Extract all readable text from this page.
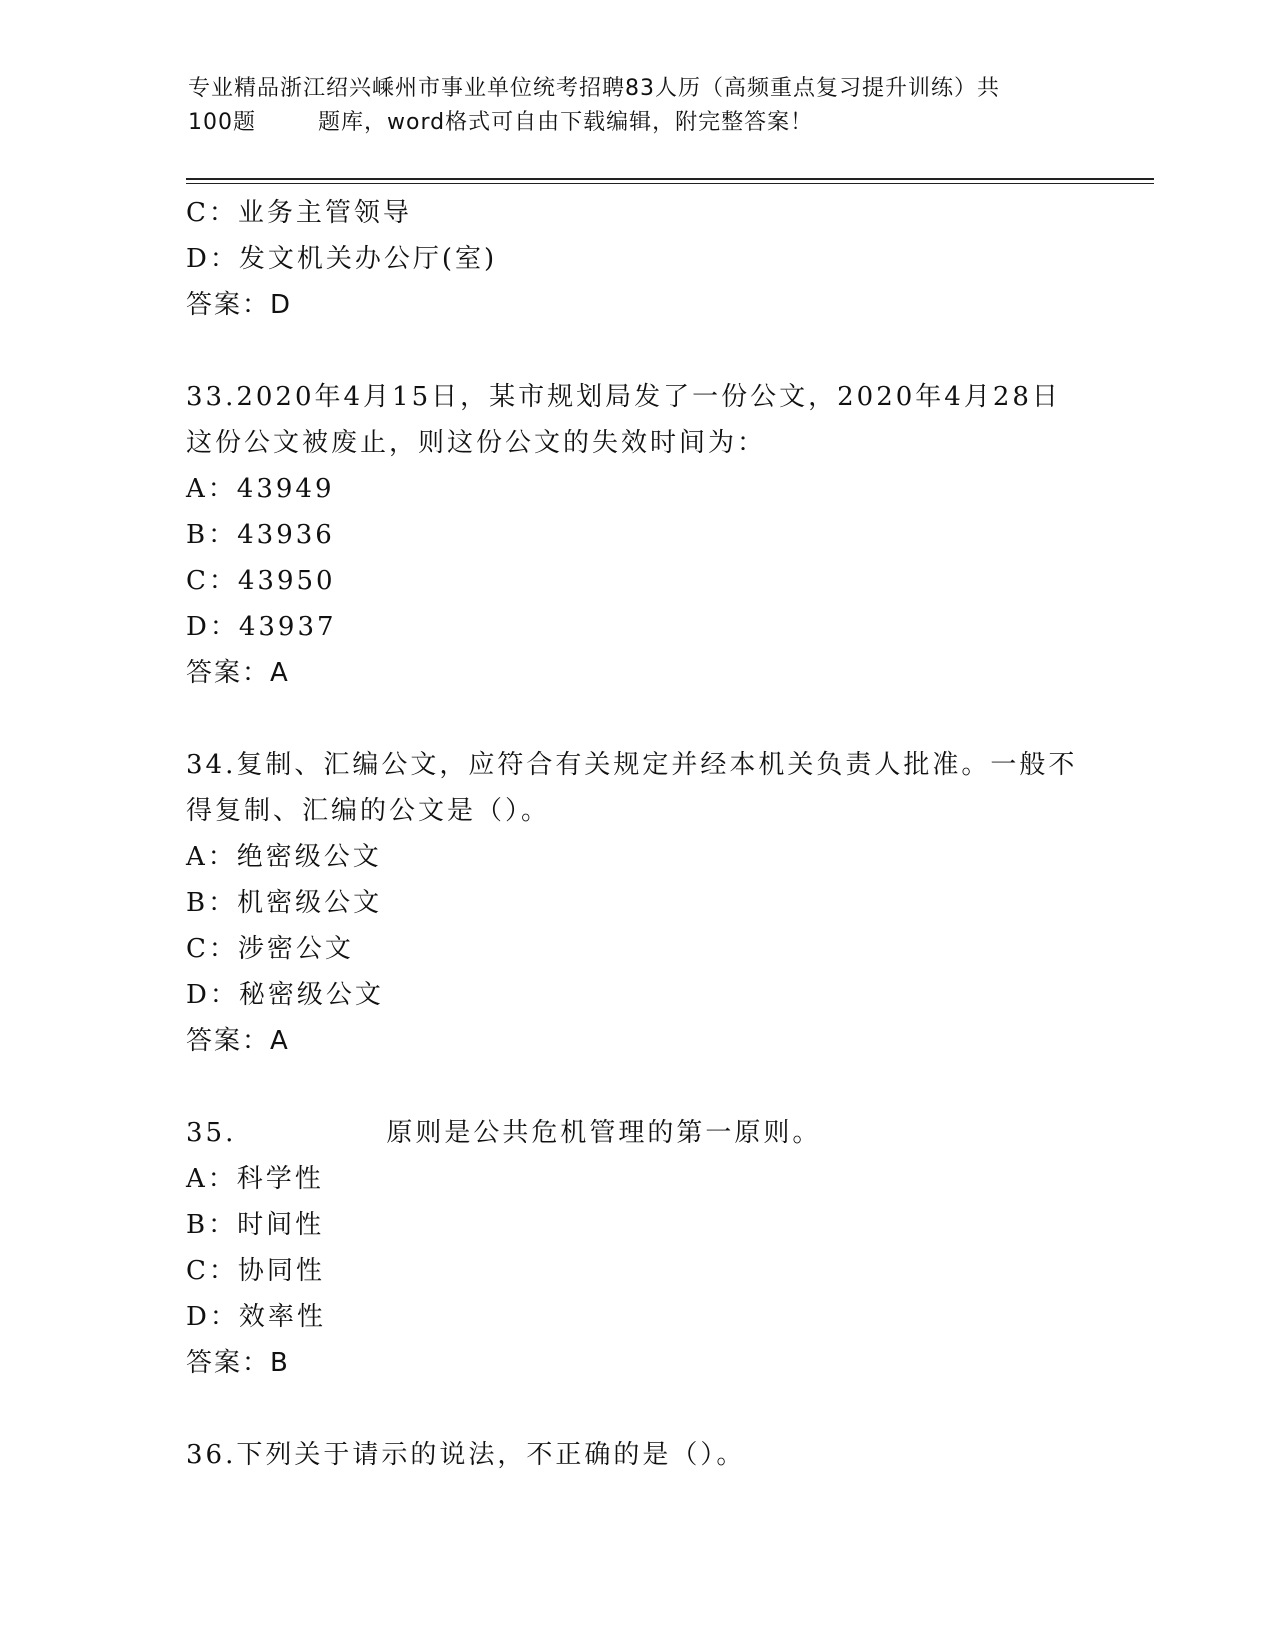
专业精品浙江绍兴嵊州市事业单位统考招聘83人历（高频重点复习提升训练）共
100题	题库，word格式可自由下载编辑，附完整答案！
C：业务主管领导
D：发文机关办公厅(室)
答案：D
33.2020年4月15日，某市规划局发了一份公文，2020年4月28日
这份公文被废止，则这份公文的失效时间为：
A：43949
B：43936
C：43950
D：43937
答案：A
34.复制、汇编公文，应符合有关规定并经本机关负责人批准。一般不
得复制、汇编的公文是（）。
A：绝密级公文
B：机密级公文
C：涉密公文
D：秘密级公文
答案：A
35.	原则是公共危机管理的第一原则。
A：科学性
B：时间性
C：协同性
D：效率性
答案：B
36.下列关于请示的说法，不正确的是（）。
